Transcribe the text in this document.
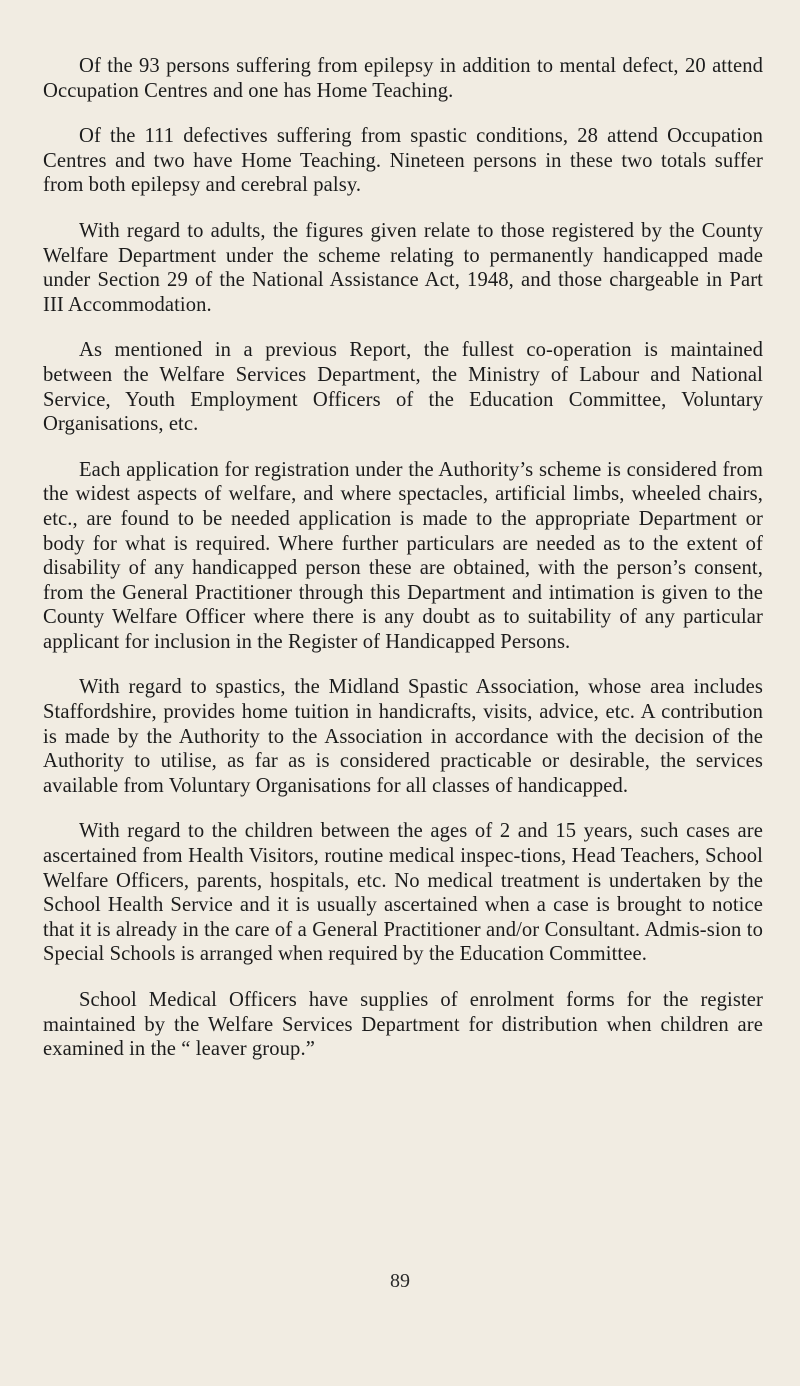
Of the 93 persons suffering from epilepsy in addition to mental defect, 20 attend Occupation Centres and one has Home Teaching.

Of the 111 defectives suffering from spastic conditions, 28 attend Occupation Centres and two have Home Teaching. Nineteen persons in these two totals suffer from both epilepsy and cerebral palsy.

With regard to adults, the figures given relate to those registered by the County Welfare Department under the scheme relating to permanently handicapped made under Section 29 of the National Assistance Act, 1948, and those chargeable in Part III Accommodation.

As mentioned in a previous Report, the fullest co-operation is maintained between the Welfare Services Department, the Ministry of Labour and National Service, Youth Employment Officers of the Education Committee, Voluntary Organisations, etc.

Each application for registration under the Authority’s scheme is considered from the widest aspects of welfare, and where spectacles, artificial limbs, wheeled chairs, etc., are found to be needed application is made to the appropriate Department or body for what is required. Where further particulars are needed as to the extent of disability of any handicapped person these are obtained, with the person’s consent, from the General Practitioner through this Department and intimation is given to the County Welfare Officer where there is any doubt as to suitability of any particular applicant for inclusion in the Register of Handicapped Persons.

With regard to spastics, the Midland Spastic Association, whose area includes Staffordshire, provides home tuition in handicrafts, visits, advice, etc. A contribution is made by the Authority to the Association in accordance with the decision of the Authority to utilise, as far as is considered practicable or desirable, the services available from Voluntary Organisations for all classes of handicapped.

With regard to the children between the ages of 2 and 15 years, such cases are ascertained from Health Visitors, routine medical inspec-tions, Head Teachers, School Welfare Officers, parents, hospitals, etc. No medical treatment is undertaken by the School Health Service and it is usually ascertained when a case is brought to notice that it is already in the care of a General Practitioner and/or Consultant. Admis-sion to Special Schools is arranged when required by the Education Committee.

School Medical Officers have supplies of enrolment forms for the register maintained by the Welfare Services Department for distribution when children are examined in the “ leaver group.”

89
